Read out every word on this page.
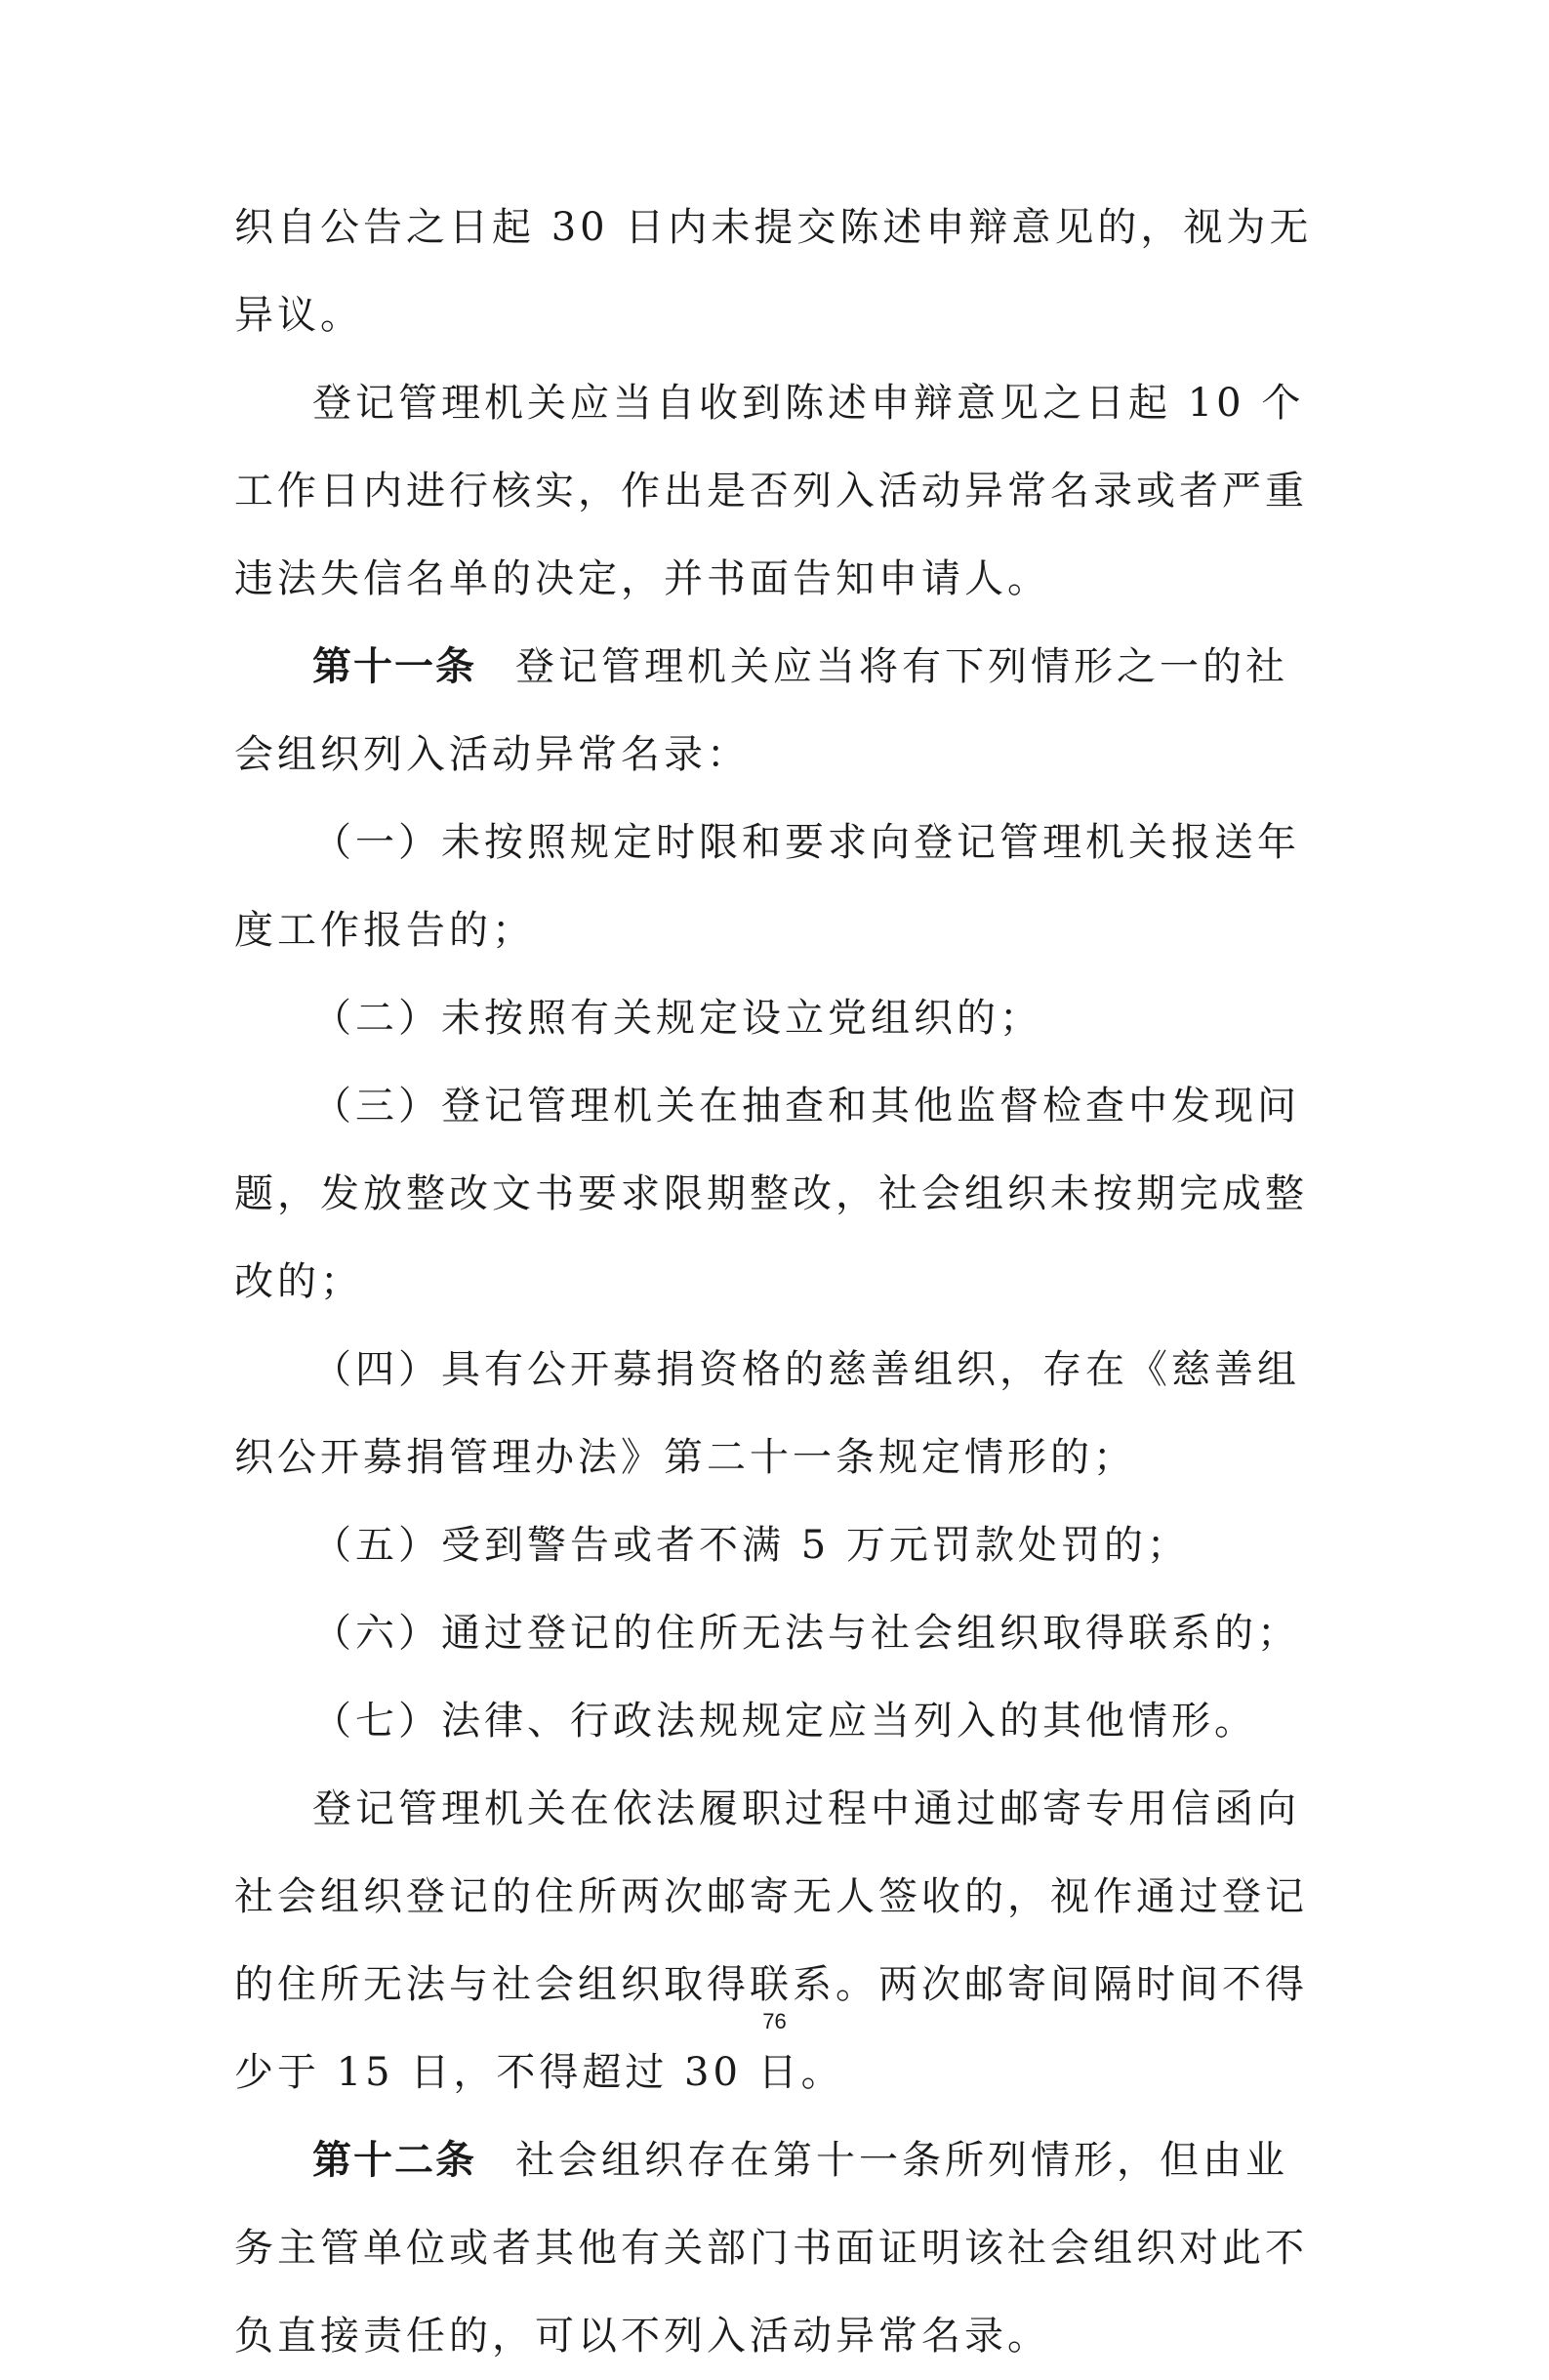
织自公告之日起 30 日内未提交陈述申辩意见的，视为无异议。

登记管理机关应当自收到陈述申辩意见之日起 10 个工作日内进行核实，作出是否列入活动异常名录或者严重违法失信名单的决定，并书面告知申请人。

第十一条 登记管理机关应当将有下列情形之一的社会组织列入活动异常名录：

（一）未按照规定时限和要求向登记管理机关报送年度工作报告的；

（二）未按照有关规定设立党组织的；

（三）登记管理机关在抽查和其他监督检查中发现问题，发放整改文书要求限期整改，社会组织未按期完成整改的；

（四）具有公开募捐资格的慈善组织，存在《慈善组织公开募捐管理办法》第二十一条规定情形的；

（五）受到警告或者不满 5 万元罚款处罚的；

（六）通过登记的住所无法与社会组织取得联系的；

（七）法律、行政法规规定应当列入的其他情形。

登记管理机关在依法履职过程中通过邮寄专用信函向社会组织登记的住所两次邮寄无人签收的，视作通过登记的住所无法与社会组织取得联系。两次邮寄间隔时间不得少于 15 日，不得超过 30 日。

第十二条 社会组织存在第十一条所列情形，但由业务主管单位或者其他有关部门书面证明该社会组织对此不负直接责任的，可以不列入活动异常名录。

76
